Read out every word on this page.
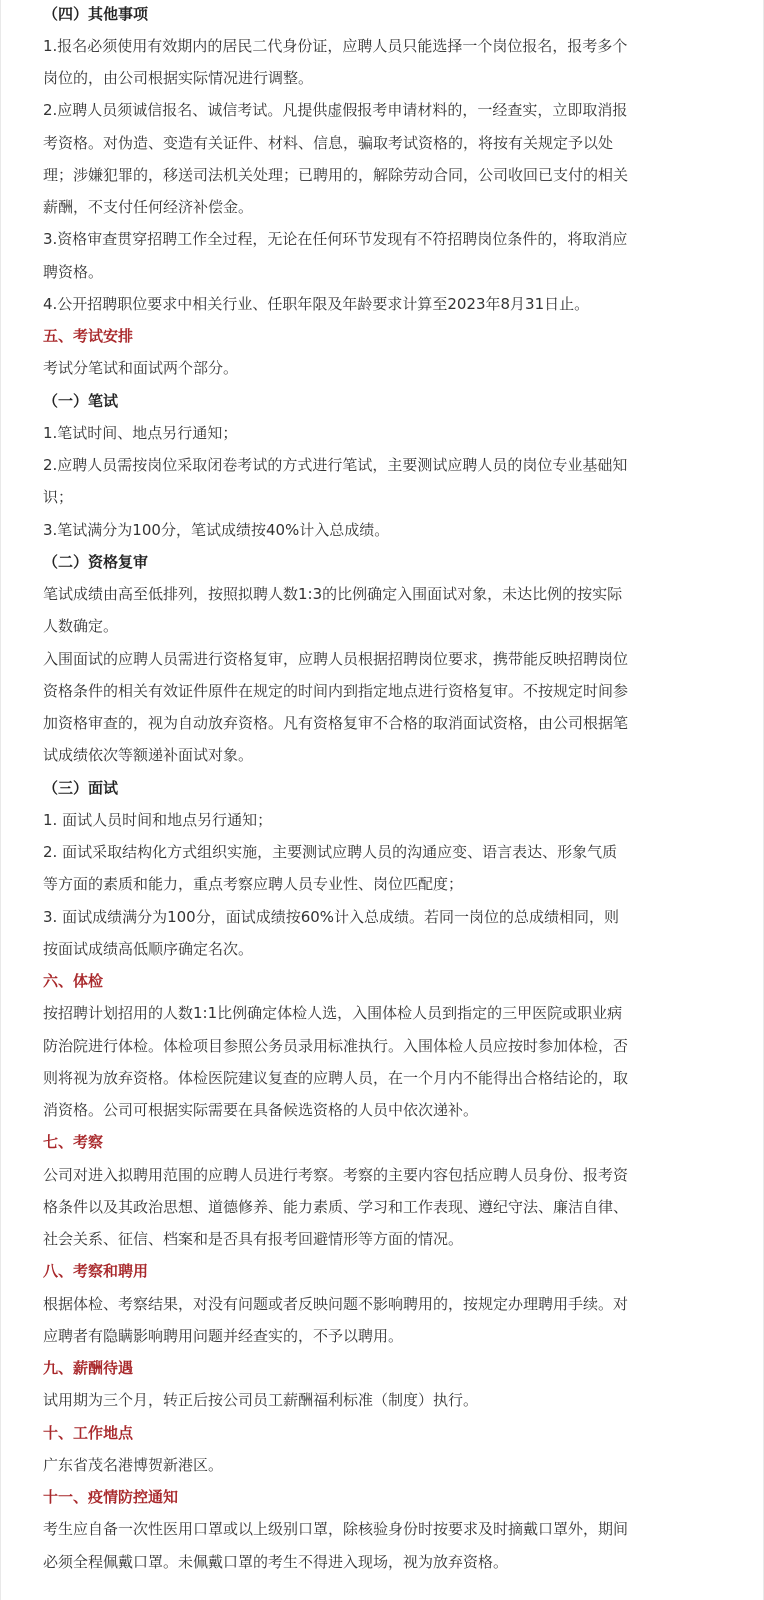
（四）其他事项
1.报名必须使用有效期内的居民二代身份证，应聘人员只能选择一个岗位报名，报考多个
岗位的，由公司根据实际情况进行调整。
2.应聘人员须诚信报名、诚信考试。凡提供虚假报考申请材料的，一经查实，立即取消报
考资格。对伪造、变造有关证件、材料、信息，骗取考试资格的，将按有关规定予以处
理；涉嫌犯罪的，移送司法机关处理；已聘用的，解除劳动合同，公司收回已支付的相关
薪酬，不支付任何经济补偿金。
3.资格审查贯穿招聘工作全过程，无论在任何环节发现有不符招聘岗位条件的，将取消应
聘资格。
4.公开招聘职位要求中相关行业、任职年限及年龄要求计算至2023年8月31日止。
五、考试安排
考试分笔试和面试两个部分。
（一）笔试
1.笔试时间、地点另行通知；
2.应聘人员需按岗位采取闭卷考试的方式进行笔试，主要测试应聘人员的岗位专业基础知
识；
3.笔试满分为100分，笔试成绩按40%计入总成绩。
（二）资格复审
笔试成绩由高至低排列，按照拟聘人数1:3的比例确定入围面试对象，未达比例的按实际
人数确定。
入围面试的应聘人员需进行资格复审，应聘人员根据招聘岗位要求，携带能反映招聘岗位
资格条件的相关有效证件原件在规定的时间内到指定地点进行资格复审。不按规定时间参
加资格审查的，视为自动放弃资格。凡有资格复审不合格的取消面试资格，由公司根据笔
试成绩依次等额递补面试对象。
（三）面试
1. 面试人员时间和地点另行通知；
2. 面试采取结构化方式组织实施，主要测试应聘人员的沟通应变、语言表达、形象气质
等方面的素质和能力，重点考察应聘人员专业性、岗位匹配度；
3. 面试成绩满分为100分，面试成绩按60%计入总成绩。若同一岗位的总成绩相同，则
按面试成绩高低顺序确定名次。
六、体检
按招聘计划招用的人数1:1比例确定体检人选，入围体检人员到指定的三甲医院或职业病
防治院进行体检。体检项目参照公务员录用标准执行。入围体检人员应按时参加体检，否
则将视为放弃资格。体检医院建议复查的应聘人员，在一个月内不能得出合格结论的，取
消资格。公司可根据实际需要在具备候选资格的人员中依次递补。
七、考察
公司对进入拟聘用范围的应聘人员进行考察。考察的主要内容包括应聘人员身份、报考资
格条件以及其政治思想、道德修养、能力素质、学习和工作表现、遵纪守法、廉洁自律、
社会关系、征信、档案和是否具有报考回避情形等方面的情况。
八、考察和聘用
根据体检、考察结果，对没有问题或者反映问题不影响聘用的，按规定办理聘用手续。对
应聘者有隐瞒影响聘用问题并经查实的，不予以聘用。
九、薪酬待遇
试用期为三个月，转正后按公司员工薪酬福利标准（制度）执行。
十、工作地点
广东省茂名港博贺新港区。
十一、疫情防控通知
考生应自备一次性医用口罩或以上级别口罩，除核验身份时按要求及时摘戴口罩外，期间
必须全程佩戴口罩。未佩戴口罩的考生不得进入现场，视为放弃资格。
